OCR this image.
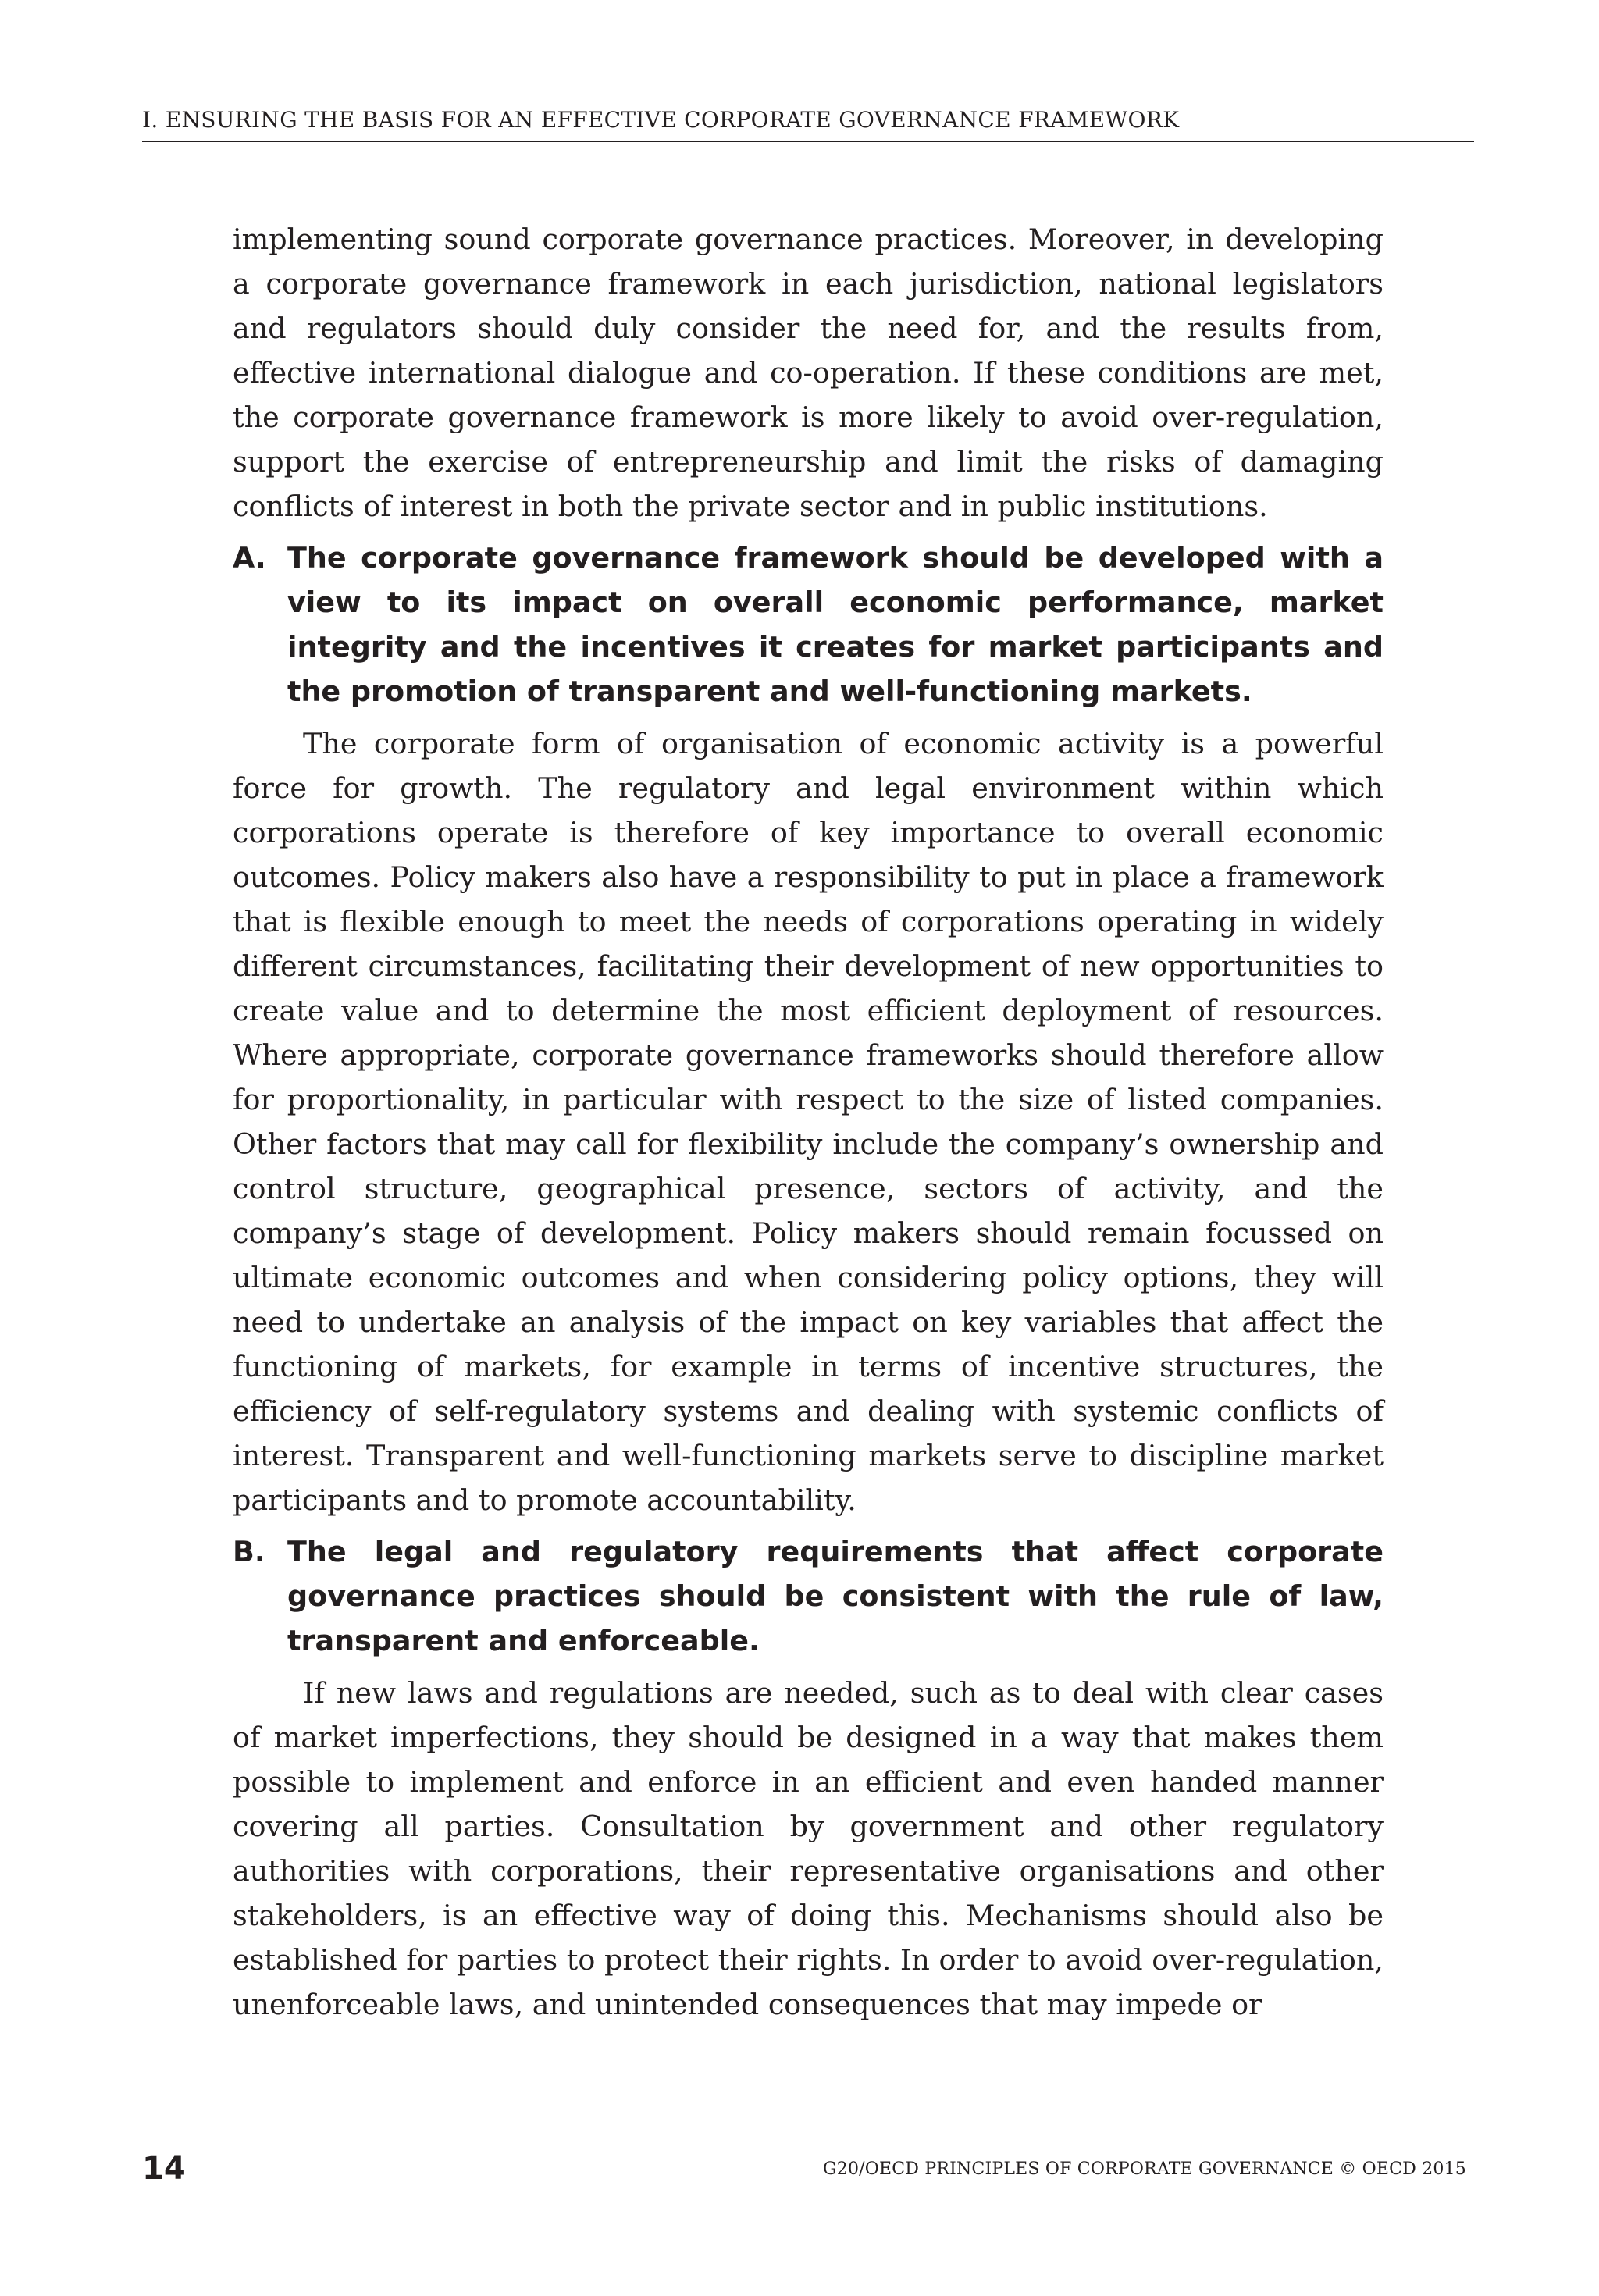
I. ENSURING THE BASIS FOR AN EFFECTIVE CORPORATE GOVERNANCE FRAMEWORK

implementing sound corporate governance practices. Moreover, in developing a corporate governance framework in each jurisdiction, national legislators and regulators should duly consider the need for, and the results from, effective international dialogue and co-operation. If these conditions are met, the corporate governance framework is more likely to avoid over-regulation, support the exercise of entrepreneurship and limit the risks of damaging conflicts of interest in both the private sector and in public institutions.

A. The corporate governance framework should be developed with a view to its impact on overall economic performance, market integrity and the incentives it creates for market participants and the promotion of transparent and well-functioning markets.

The corporate form of organisation of economic activity is a powerful force for growth. The regulatory and legal environment within which corporations operate is therefore of key importance to overall economic outcomes. Policy makers also have a responsibility to put in place a framework that is flexible enough to meet the needs of corporations operating in widely different circumstances, facilitating their development of new opportunities to create value and to determine the most efficient deployment of resources. Where appropriate, corporate governance frameworks should therefore allow for proportionality, in particular with respect to the size of listed companies. Other factors that may call for flexibility include the company’s ownership and control structure, geographical presence, sectors of activity, and the company’s stage of development. Policy makers should remain focussed on ultimate economic outcomes and when considering policy options, they will need to undertake an analysis of the impact on key variables that affect the functioning of markets, for example in terms of incentive structures, the efficiency of self-regulatory systems and dealing with systemic conflicts of interest. Transparent and well-functioning markets serve to discipline market participants and to promote accountability.

B. The legal and regulatory requirements that affect corporate governance practices should be consistent with the rule of law, transparent and enforceable.

If new laws and regulations are needed, such as to deal with clear cases of market imperfections, they should be designed in a way that makes them possible to implement and enforce in an efficient and even handed manner covering all parties. Consultation by government and other regulatory authorities with corporations, their representative organisations and other stakeholders, is an effective way of doing this. Mechanisms should also be established for parties to protect their rights. In order to avoid over-regulation, unenforceable laws, and unintended consequences that may impede or

14	G20/OECD PRINCIPLES OF CORPORATE GOVERNANCE © OECD 2015
